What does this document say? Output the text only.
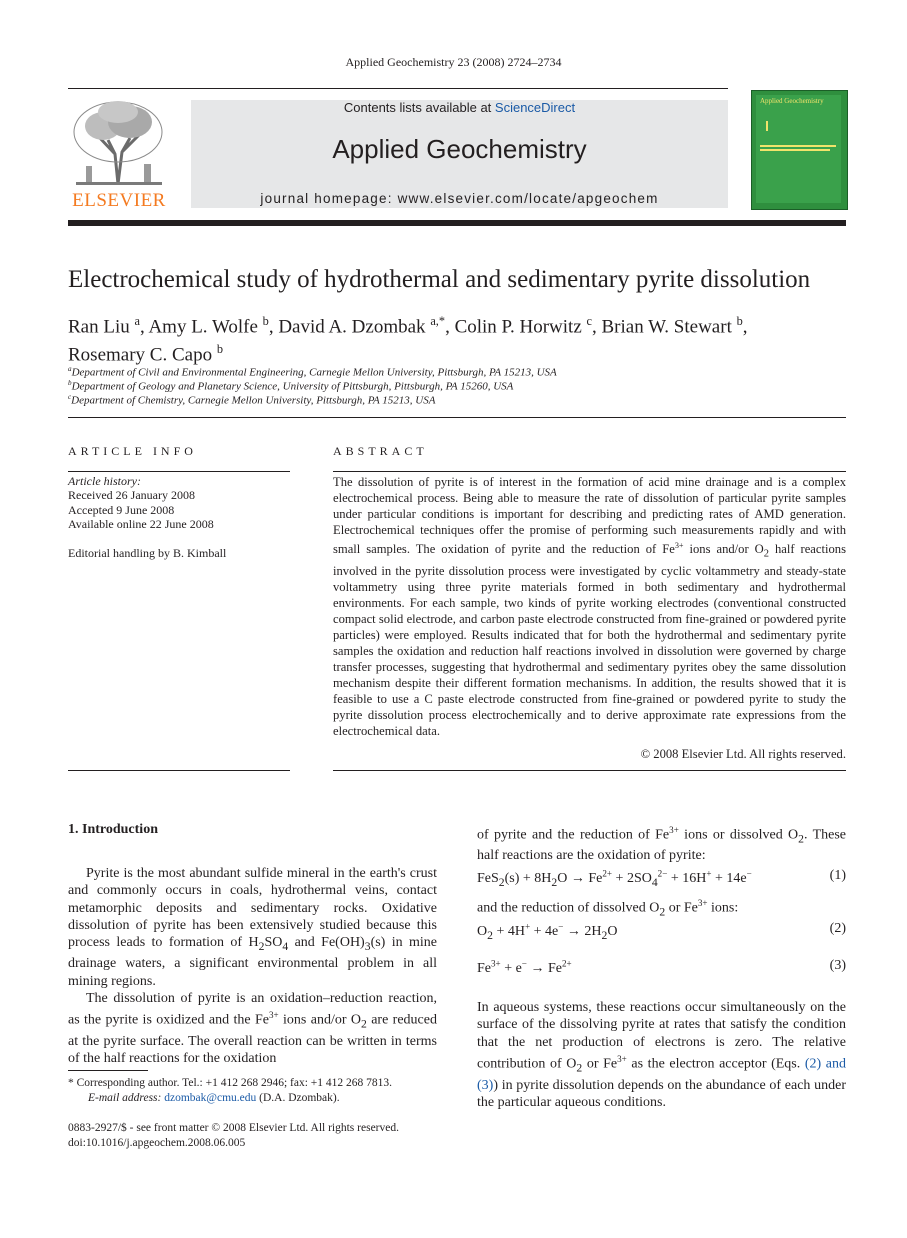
Applied Geochemistry 23 (2008) 2724–2734
ELSEVIER
Contents lists available at ScienceDirect
Applied Geochemistry
journal homepage: www.elsevier.com/locate/apgeochem
Applied Geochemistry
Electrochemical study of hydrothermal and sedimentary pyrite dissolution
Ran Liu $^a$, Amy L. Wolfe $^b$, David A. Dzombak $^{a,*}$, Colin P. Horwitz $^c$, Brian W. Stewart $^b$,
Rosemary C. Capo $^b$
$^a$Department of Civil and Environmental Engineering, Carnegie Mellon University, Pittsburgh, PA 15213, USA
$^b$Department of Geology and Planetary Science, University of Pittsburgh, Pittsburgh, PA 15260, USA
$^c$Department of Chemistry, Carnegie Mellon University, Pittsburgh, PA 15213, USA
ARTICLE INFO	ABSTRACT
Article history:
Received 26 January 2008
Accepted 9 June 2008
Available online 22 June 2008
Editorial handling by B. Kimball
The dissolution of pyrite is of interest in the formation of acid mine drainage and is a complex electrochemical process. Being able to measure the rate of dissolution of particular pyrite samples under particular conditions is important for describing and predicting rates of AMD generation. Electrochemical techniques offer the promise of performing such measurements rapidly and with small samples. The oxidation of pyrite and the reduction of $Fe^{3+}$ ions and/or $O_2$ half reactions involved in the pyrite dissolution process were investigated by cyclic voltammetry and steady-state voltammetry using three pyrite materials formed in both sedimentary and hydrothermal environments. For each sample, two kinds of pyrite working electrodes (conventional constructed compact solid electrode, and carbon paste electrode constructed from fine-grained or powdered pyrite particles) were employed. Results indicated that for both the hydrothermal and sedimentary pyrite samples the oxidation and reduction half reactions involved in dissolution were governed by charge transfer processes, suggesting that hydrothermal and sedimentary pyrites obey the same dissolution mechanism despite their different formation mechanisms. In addition, the results showed that it is feasible to use a C paste electrode constructed from fine-grained or powdered pyrite to study the pyrite dissolution process electrochemically and to derive approximate rate expressions from the electrochemical data.
© 2008 Elsevier Ltd. All rights reserved.
1. Introduction

Pyrite is the most abundant sulfide mineral in the earth's crust and commonly occurs in coals, hydrothermal veins, contact metamorphic deposits and sedimentary rocks. Oxidative dissolution of pyrite has been extensively studied because this process leads to formation of $H_2SO_4$ and $Fe(OH)_3(s)$ in mine drainage waters, a significant environmental problem in all mining regions.

The dissolution of pyrite is an oxidation–reduction reaction, as the pyrite is oxidized and the $Fe^{3+}$ ions and/or $O_2$ are reduced at the pyrite surface. The overall reaction can be written in terms of the half reactions for the oxidation

of pyrite and the reduction of $Fe^{3+}$ ions or dissolved $O_2$. These half reactions are the oxidation of pyrite:
$FeS_2(s) + 8H_2O \to Fe^{2+} + 2SO_4^{2-} + 16H^+ + 14e^-$	(1)
and the reduction of dissolved $O_2$ or $Fe^{3+}$ ions:
$O_2 + 4H^+ + 4e^- \to 2H_2O$	(2)
$Fe^{3+} + e^- \to Fe^{2+}$	(3)

In aqueous systems, these reactions occur simultaneously on the surface of the dissolving pyrite at rates that satisfy the condition that the net production of electrons is zero. The relative contribution of $O_2$ or $Fe^{3+}$ as the electron acceptor (Eqs. (2) and (3)) in pyrite dissolution depends on the abundance of each under the particular aqueous conditions.

* Corresponding author. Tel.: +1 412 268 2946; fax: +1 412 268 7813.
E-mail address: dzombak@cmu.edu (D.A. Dzombak).
0883-2927/$ - see front matter © 2008 Elsevier Ltd. All rights reserved.
doi:10.1016/j.apgeochem.2008.06.005
